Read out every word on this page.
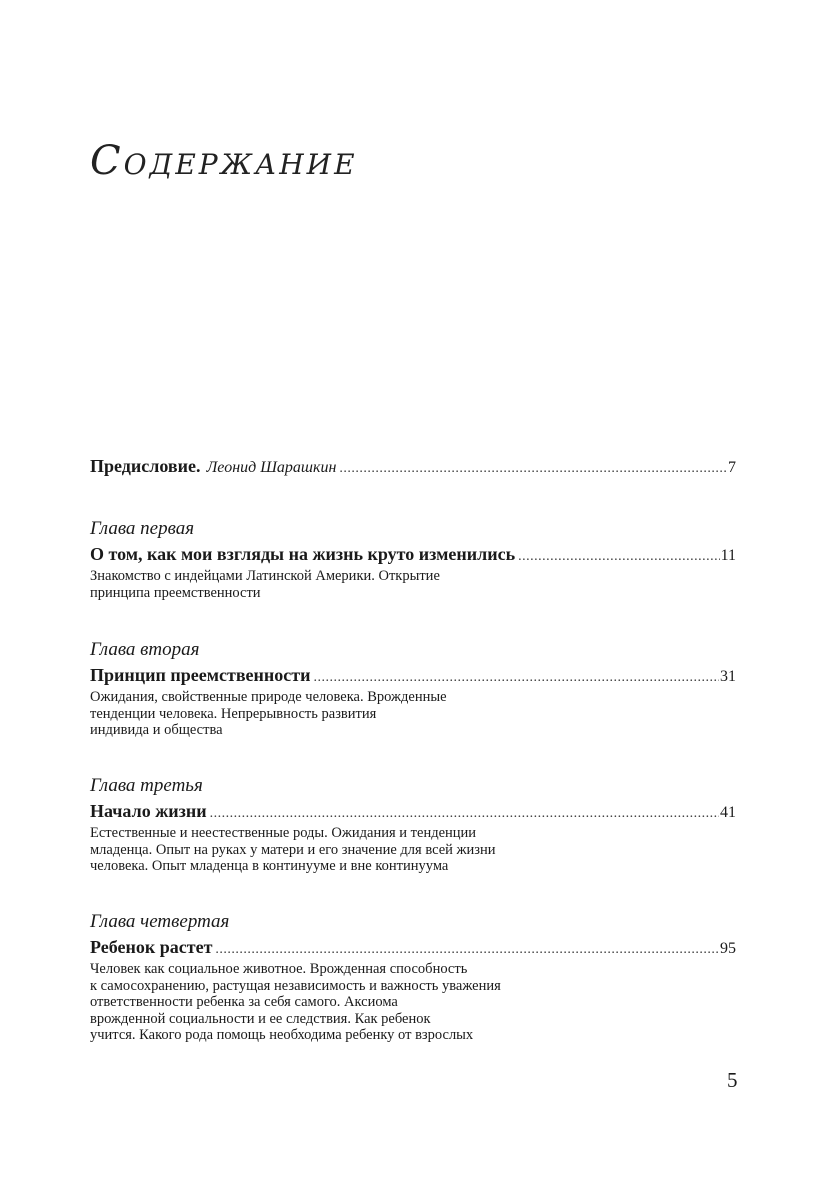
Содержание
Предисловие. Леонид Шарашкин .....	7
Глава первая
О том, как мои взгляды на жизнь круто изменились .....	11
Знакомство с индейцами Латинской Америки. Открытие
принципа преемственности
Глава вторая
Принцип преемственности .....	31
Ожидания, свойственные природе человека. Врожденные
тенденции человека. Непрерывность развития
индивида и общества
Глава третья
Начало жизни .....	41
Естественные и неестественные роды. Ожидания и тенденции
младенца. Опыт на руках у матери и его значение для всей жизни
человека. Опыт младенца в континууме и вне континуума
Глава четвертая
Ребенок растет .....	95
Человек как социальное животное. Врожденная способность
к самосохранению, растущая независимость и важность уважения
ответственности ребенка за себя самого. Аксиома
врожденной социальности и ее следствия. Как ребенок
учится. Какого рода помощь необходима ребенку от взрослых
5
